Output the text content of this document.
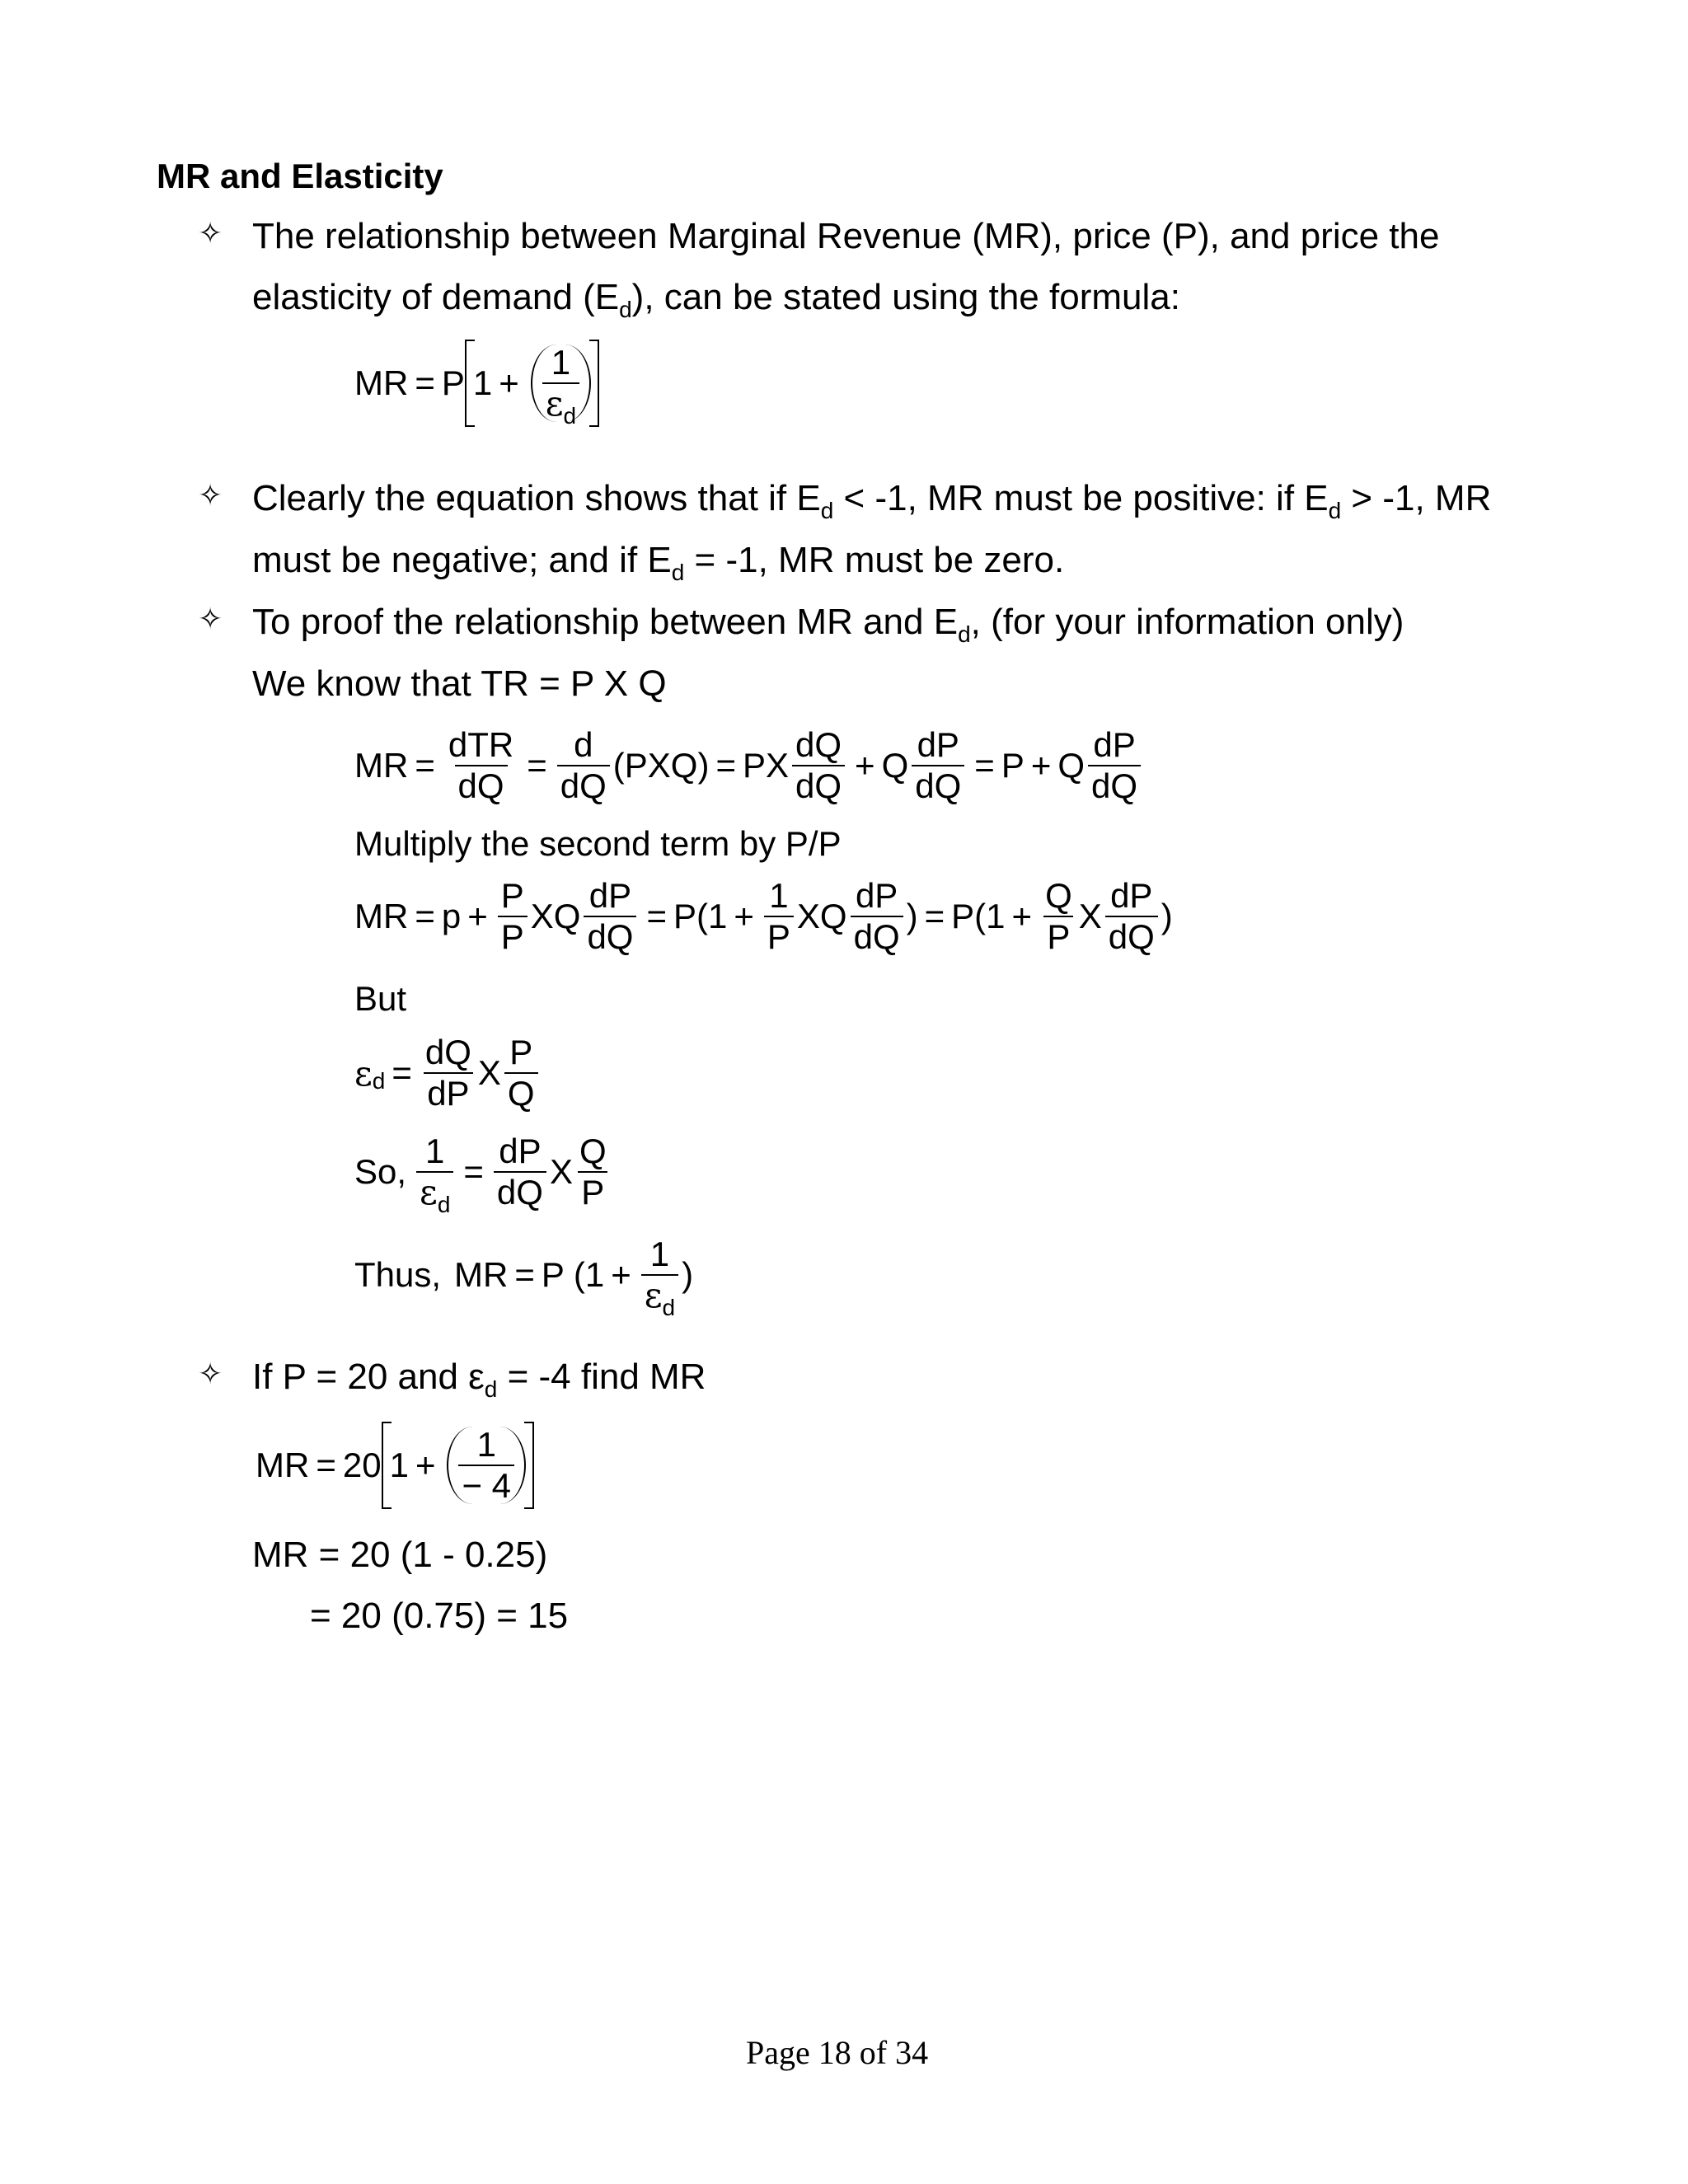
MR and Elasticity
✧ The relationship between Marginal Revenue (MR), price (P), and price the
elasticity of demand $(E_d)$, can be stated using the formula:
MR = P $1 + \frac{1}{\varepsilon_d}$
✧ Clearly the equation shows that if $E_d < -1$, MR must be positive: if $E_d > -1$, MR
must be negative; and if $E_d = -1$, MR must be zero.
✧ To proof the relationship between MR and $E_d$, (for your information only)
We know that TR = P X Q
MR = $\frac{\text{dTR}}{dQ} = \frac{d}{dQ} (PXQ)$ = PX $\frac{dQ}{dQ} + Q \frac{dP}{dQ} = P + Q \frac{dP}{dQ}$
Multiply the second term by P/P
MR = $p + \frac{P}{P}$ XQ $\frac{dP}{dQ} = P(1 + \frac{1}{P}$ XQ $\frac{dP}{dQ}$ ) = $P(1 + \frac{Q}{P}$ X $\frac{dP}{dQ}$ )
But
ε $d = \frac{dQ}{dP}$ X $\frac{P}{Q}$
So, $\frac{1}{\varepsilon_d} = \frac{dP}{dQ}$ X $\frac{Q}{P}$
Thus, MR = P ($1 + \frac{1}{\varepsilon_d}$ )
✧ If P = 20 and $\varepsilon_d = -4$ find MR
MR = 20 $1 + \frac{1}{- 4}$
MR = 20 (1 - 0.25)
= 20 (0.75) = 15
Page 18 of 34
